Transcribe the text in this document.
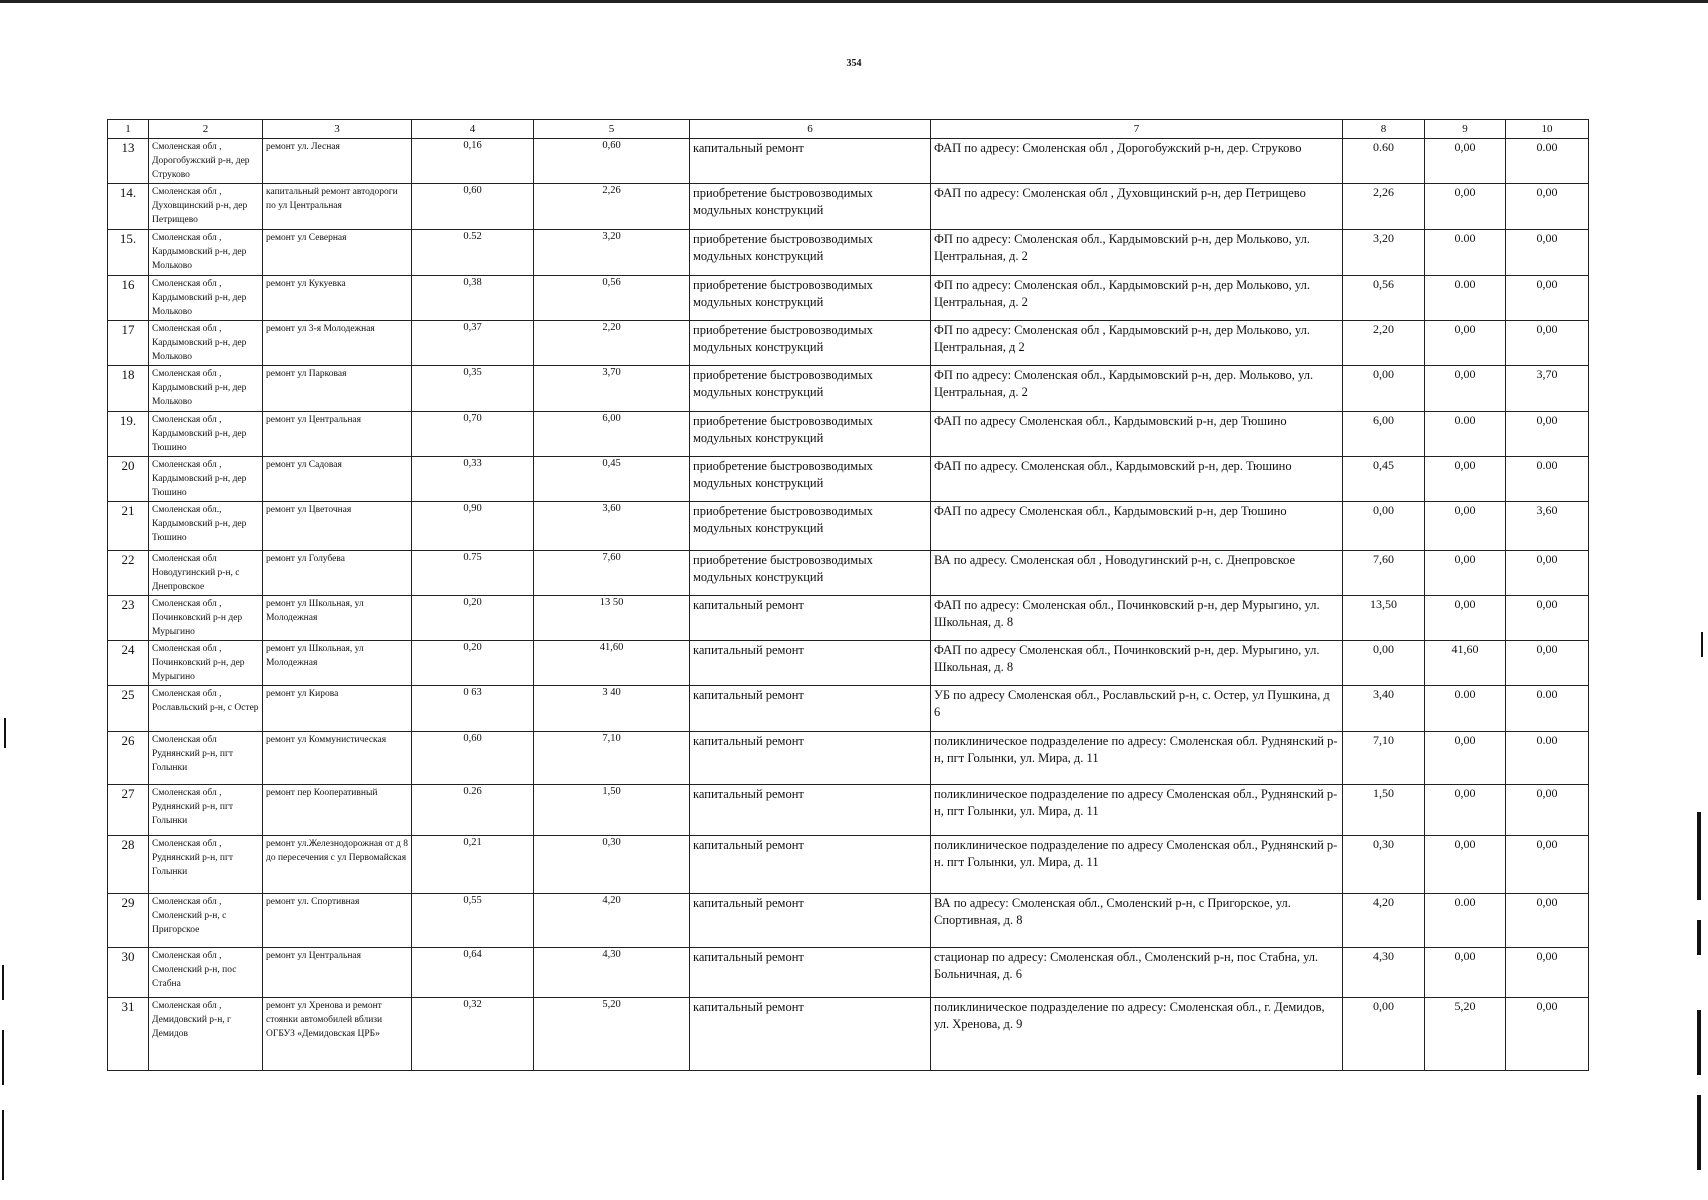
354
1	2	3	4	5	6	7	8	9	10
13	Смоленская обл , Дорогобужский р-н, дер Струково	ремонт ул. Лесная	0,16	0,60	капитальный ремонт	ФАП по адресу: Смоленская обл , Дорогобужский р-н, дер. Струково	0.60	0,00	0.00
14.	Смоленская обл , Духовщинский р-н, дер Петрищево	капитальный ремонт автодороги по ул Центральная	0,60	2,26	приобретение быстровозводимых модульных конструкций	ФАП по адресу: Смоленская обл , Духовщинский р-н, дер Петрищево	2,26	0,00	0,00
15.	Смоленская обл , Кардымовский р-н, дер Мольково	ремонт ул Северная	0.52	3,20	приобретение быстровозводимых модульных конструкций	ФП по адресу: Смоленская обл., Кардымовский р-н, дер Мольково, ул. Центральная, д. 2	3,20	0.00	0,00
16	Смоленская обл , Кардымовский р-н, дер Мольково	ремонт ул Кукуевка	0,38	0,56	приобретение быстровозводимых модульных конструкций	ФП по адресу: Смоленская обл., Кардымовский р-н, дер Мольково, ул. Центральная, д. 2	0,56	0.00	0,00
17	Смоленская обл , Кардымовский р-н, дер Мольково	ремонт ул 3-я Молодежная	0,37	2,20	приобретение быстровозводимых модульных конструкций	ФП по адресу: Смоленская обл , Кардымовский р-н, дер Мольково, ул. Центральная, д 2	2,20	0,00	0,00
18	Смоленская обл , Кардымовский р-н, дер Мольково	ремонт ул Парковая	0,35	3,70	приобретение быстровозводимых модульных конструкций	ФП по адресу: Смоленская обл., Кардымовский р-н, дер. Мольково, ул. Центральная, д. 2	0,00	0,00	3,70
19.	Смоленская обл , Кардымовский р-н, дер Тюшино	ремонт ул Центральная	0,70	6,00	приобретение быстровозводимых модульных конструкций	ФАП по адресу Смоленская обл., Кардымовский р-н, дер Тюшино	6,00	0.00	0,00
20	Смоленская обл , Кардымовский р-н, дер Тюшино	ремонт ул Садовая	0,33	0,45	приобретение быстровозводимых модульных конструкций	ФАП по адресу. Смоленская обл., Кардымовский р-н, дер. Тюшино	0,45	0,00	0.00
21	Смоленская обл., Кардымовский р-н, дер Тюшино	ремонт ул Цветочная	0,90	3,60	приобретение быстровозводимых модульных конструкций	ФАП по адресу Смоленская обл., Кардымовский р-н, дер Тюшино	0,00	0,00	3,60
22	Смоленская обл Новодугинский р-н, с Днепровское	ремонт ул Голубева	0.75	7,60	приобретение быстровозводимых модульных конструкций	ВА по адресу. Смоленская обл , Новодугинский р-н, с. Днепровское	7,60	0,00	0,00
23	Смоленская обл , Починковский р-н дер Мурыгино	ремонт ул Школьная, ул Молодежная	0,20	13 50	капитальный ремонт	ФАП по адресу: Смоленская обл., Починковский р-н, дер Мурыгино, ул. Школьная, д. 8	13,50	0,00	0,00
24	Смоленская обл , Починковский р-н, дер Мурыгино	ремонт ул Школьная, ул Молодежная	0,20	41,60	капитальный ремонт	ФАП по адресу Смоленская обл., Починковский р-н, дер. Мурыгино, ул. Школьная, д. 8	0,00	41,60	0,00
25	Смоленская обл , Рославльский р-н, с Остер	ремонт ул Кирова	0 63	3 40	капитальный ремонт	УБ по адресу Смоленская обл., Рославльский р-н, с. Остер, ул Пушкина, д 6	3,40	0.00	0.00
26	Смоленская обл Руднянский р-н, пгт Голынки	ремонт ул Коммунистическая	0,60	7,10	капитальный ремонт	поликлиническое подразделение по адресу: Смоленская обл. Руднянский р-н, пгт Голынки, ул. Мира, д. 11	7,10	0,00	0.00
27	Смоленская обл , Руднянский р-н, пгт Голынки	ремонт пер Кооперативный	0.26	1,50	капитальный ремонт	поликлиническое подразделение по адресу Смоленская обл., Руднянский р-н, пгт Голынки, ул. Мира, д. 11	1,50	0,00	0,00
28	Смоленская обл , Руднянский р-н, пгт Голынки	ремонт ул.Железнодорожная от д 8 до пересечения с ул Первомайская	0,21	0,30	капитальный ремонт	поликлиническое подразделение по адресу Смоленская обл., Руднянский р-н. пгт Голынки, ул. Мира, д. 11	0,30	0,00	0,00
29	Смоленская обл , Смоленский р-н, с Пригорское	ремонт ул. Спортивная	0,55	4,20	капитальный ремонт	ВА по адресу: Смоленская обл., Смоленский р-н, с Пригорское, ул. Спортивная, д. 8	4,20	0.00	0,00
30	Смоленская обл , Смоленский р-н, пос Стабна	ремонт ул Центральная	0,64	4,30	капитальный ремонт	стационар по адресу: Смоленская обл., Смоленский р-н, пос Стабна, ул. Больничная, д. 6	4,30	0,00	0,00
31	Смоленская обл , Демидовский р-н, г Демидов	ремонт ул Хренова и ремонт стоянки автомобилей вблизи ОГБУЗ «Демидовская ЦРБ»	0,32	5,20	капитальный ремонт	поликлиническое подразделение по адресу: Смоленская обл., г. Демидов, ул. Хренова, д. 9	0,00	5,20	0,00
